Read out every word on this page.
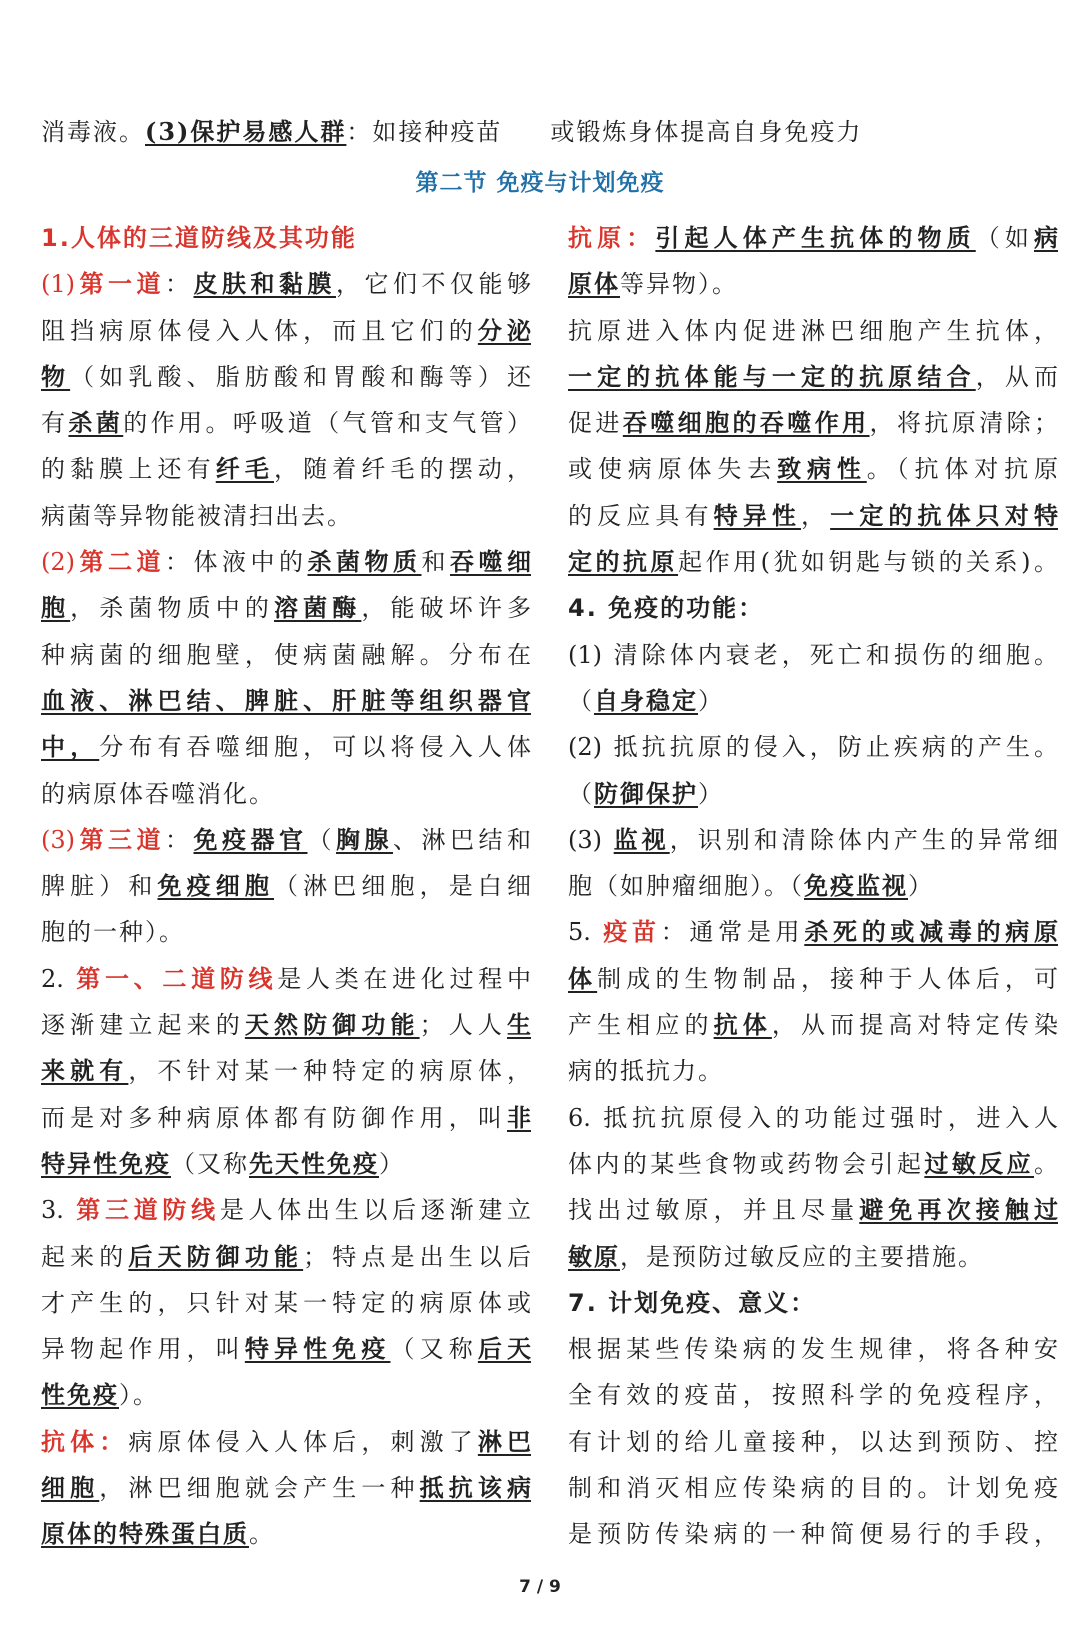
消毒液。(3)保护易感人群：如接种疫苗 或锻炼身体提高自身免疫力
第二节 免疫与计划免疫
1.人体的三道防线及其功能
(1)第一道：皮肤和黏膜，它们不仅能够
阻挡病原体侵入人体，而且它们的分泌
物（如乳酸、脂肪酸和胃酸和酶等）还
有杀菌的作用。呼吸道（气管和支气管）
的黏膜上还有纤毛，随着纤毛的摆动，
病菌等异物能被清扫出去。
(2)第二道：体液中的杀菌物质和吞噬细
胞，杀菌物质中的溶菌酶，能破坏许多
种病菌的细胞壁，使病菌融解。分布在
血液、淋巴结、脾脏、肝脏等组织器官
中，分布有吞噬细胞，可以将侵入人体
的病原体吞噬消化。
(3)第三道：免疫器官（胸腺、淋巴结和
脾脏）和免疫细胞（淋巴细胞，是白细
胞的一种）。
2. 第一、二道防线是人类在进化过程中
逐渐建立起来的天然防御功能；人人生
来就有，不针对某一种特定的病原体，
而是对多种病原体都有防御作用，叫非
特异性免疫（又称先天性免疫）
3. 第三道防线是人体出生以后逐渐建立
起来的后天防御功能；特点是出生以后
才产生的，只针对某一特定的病原体或
异物起作用，叫特异性免疫（又称后天
性免疫）。
抗体：病原体侵入人体后，刺激了淋巴
细胞，淋巴细胞就会产生一种抵抗该病
原体的特殊蛋白质。
抗原：引起人体产生抗体的物质（如病
原体等异物）。
抗原进入体内促进淋巴细胞产生抗体，
一定的抗体能与一定的抗原结合，从而
促进吞噬细胞的吞噬作用，将抗原清除；
或使病原体失去致病性。（抗体对抗原
的反应具有特异性，一定的抗体只对特
定的抗原起作用(犹如钥匙与锁的关系)。
4. 免疫的功能：
(1) 清除体内衰老，死亡和损伤的细胞。
（自身稳定）
(2) 抵抗抗原的侵入，防止疾病的产生。
（防御保护）
(3) 监视，识别和清除体内产生的异常细
胞（如肿瘤细胞）。（免疫监视）
5. 疫苗：通常是用杀死的或减毒的病原
体制成的生物制品，接种于人体后，可
产生相应的抗体，从而提高对特定传染
病的抵抗力。
6. 抵抗抗原侵入的功能过强时，进入人
体内的某些食物或药物会引起过敏反应。
找出过敏原，并且尽量避免再次接触过
敏原，是预防过敏反应的主要措施。
7. 计划免疫、意义：
根据某些传染病的发生规律，将各种安
全有效的疫苗，按照科学的免疫程序，
有计划的给儿童接种，以达到预防、控
制和消灭相应传染病的目的。计划免疫
是预防传染病的一种简便易行的手段，
7 / 9
